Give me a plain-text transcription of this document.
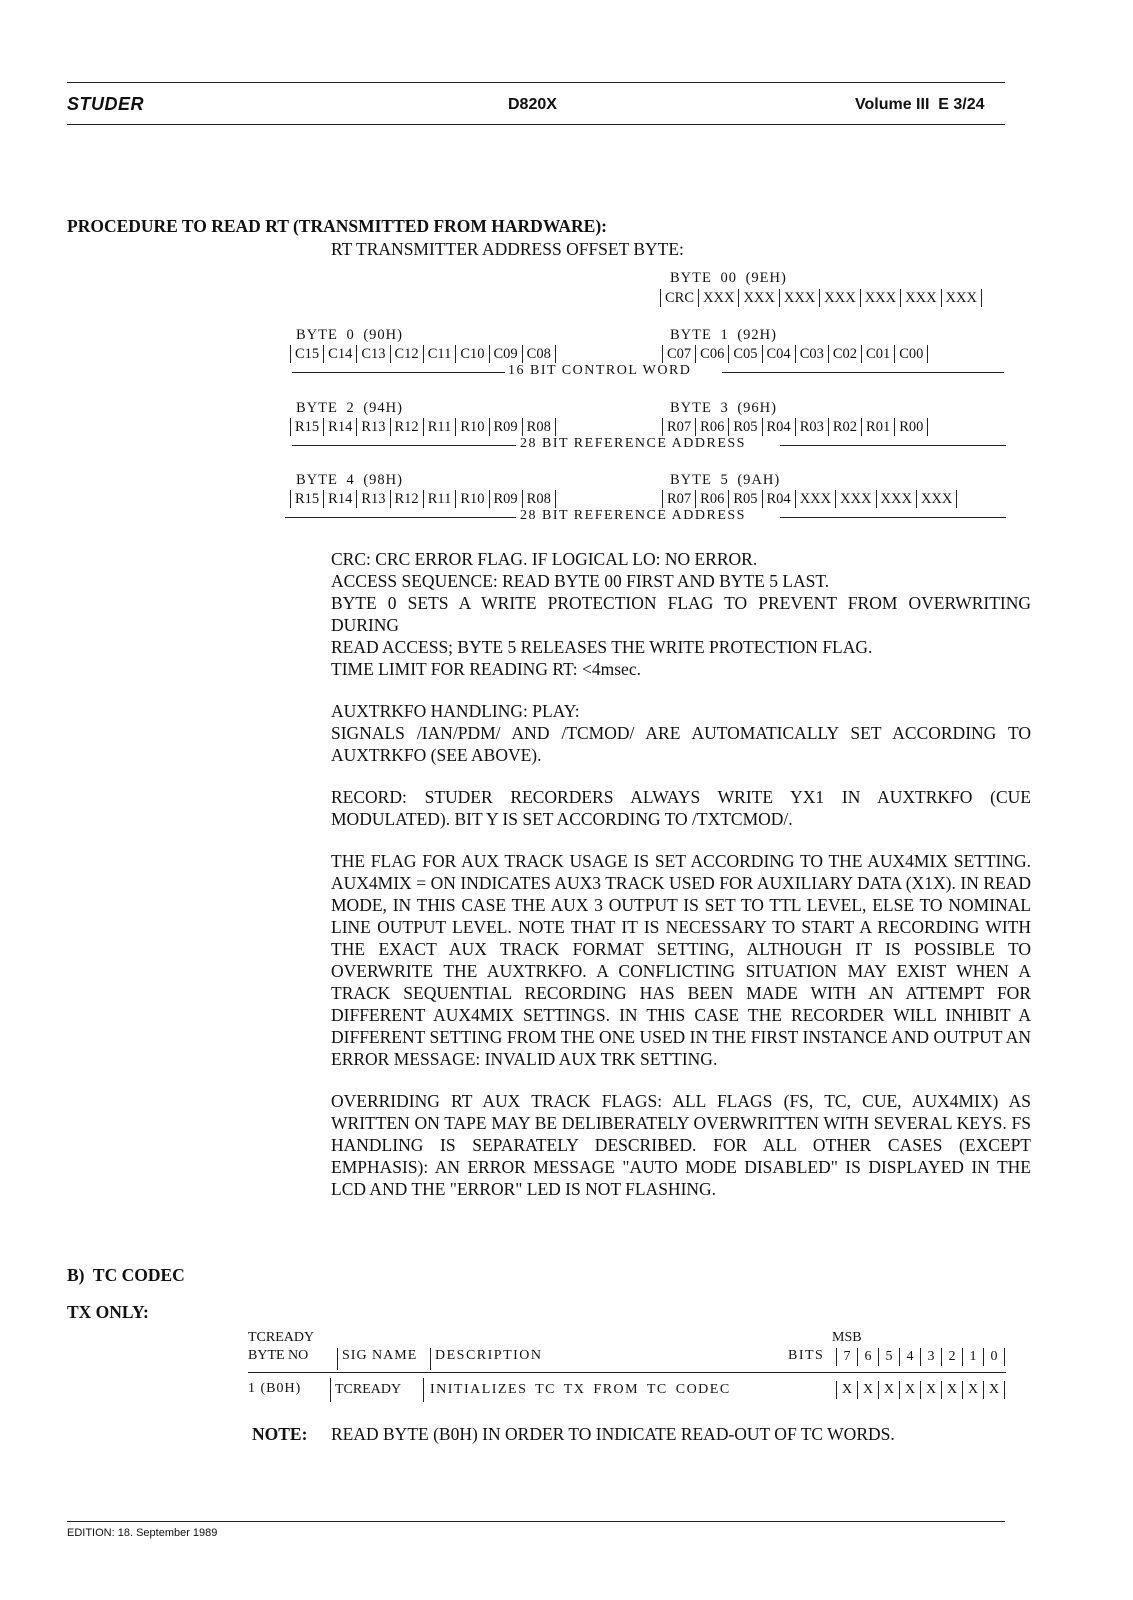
STUDER	D820X	Volume III E 3/24
PROCEDURE TO READ RT (TRANSMITTED FROM HARDWARE):
RT TRANSMITTER ADDRESS OFFSET BYTE:
BYTE 00 (9EH)
CRC XXX XXX XXX XXX XXX XXX XXX
BYTE 0 (90H)	BYTE 1 (92H)
C15 C14 C13 C12 C11 C10 C09 C08	C07 C06 C05 C04 C03 C02 C01 C00
16 BIT CONTROL WORD
BYTE 2 (94H)	BYTE 3 (96H)
R15 R14 R13 R12 R11 R10 R09 R08	R07 R06 R05 R04 R03 R02 R01 R00
28 BIT REFERENCE ADDRESS
BYTE 4 (98H)	BYTE 5 (9AH)
R15 R14 R13 R12 R11 R10 R09 R08	R07 R06 R05 R04 XXX XXX XXX XXX
28 BIT REFERENCE ADDRESS

CRC: CRC ERROR FLAG. IF LOGICAL LO: NO ERROR.
ACCESS SEQUENCE: READ BYTE 00 FIRST AND BYTE 5 LAST.
BYTE 0 SETS A WRITE PROTECTION FLAG TO PREVENT FROM OVERWRITING DURING
READ ACCESS; BYTE 5 RELEASES THE WRITE PROTECTION FLAG.
TIME LIMIT FOR READING RT: <4msec.

AUXTRKFO HANDLING: PLAY:
SIGNALS /IAN/PDM/ AND /TCMOD/ ARE AUTOMATICALLY SET ACCORDING TO AUXTRKFO (SEE ABOVE).

RECORD: STUDER RECORDERS ALWAYS WRITE YX1 IN AUXTRKFO (CUE MODULATED). BIT Y IS SET ACCORDING TO /TXTCMOD/.

THE FLAG FOR AUX TRACK USAGE IS SET ACCORDING TO THE AUX4MIX SETTING. AUX4MIX = ON INDICATES AUX3 TRACK USED FOR AUXILIARY DATA (X1X). IN READ MODE, IN THIS CASE THE AUX 3 OUTPUT IS SET TO TTL LEVEL, ELSE TO NOMINAL LINE OUTPUT LEVEL. NOTE THAT IT IS NECESSARY TO START A RECORDING WITH THE EXACT AUX TRACK FORMAT SETTING, ALTHOUGH IT IS POSSIBLE TO OVERWRITE THE AUXTRKFO. A CONFLICTING SITUATION MAY EXIST WHEN A TRACK SEQUENTIAL RECORDING HAS BEEN MADE WITH AN ATTEMPT FOR DIFFERENT AUX4MIX SETTINGS. IN THIS CASE THE RECORDER WILL INHIBIT A DIFFERENT SETTING FROM THE ONE USED IN THE FIRST INSTANCE AND OUTPUT AN ERROR MESSAGE: INVALID AUX TRK SETTING.

OVERRIDING RT AUX TRACK FLAGS: ALL FLAGS (FS, TC, CUE, AUX4MIX) AS WRITTEN ON TAPE MAY BE DELIBERATELY OVERWRITTEN WITH SEVERAL KEYS. FS HANDLING IS SEPARATELY DESCRIBED. FOR ALL OTHER CASES (EXCEPT EMPHASIS): AN ERROR MESSAGE "AUTO MODE DISABLED" IS DISPLAYED IN THE LCD AND THE "ERROR" LED IS NOT FLASHING.

B)  TC CODEC
TX ONLY:
TCREADY	MSB
BYTE NO	SIG NAME	DESCRIPTION	BITS	7	6	5	4	3	2	1	0
1 (B0H)	TCREADY	INITIALIZES TC TX FROM TC CODEC	X X X X X X X X
NOTE: READ BYTE (B0H) IN ORDER TO INDICATE READ-OUT OF TC WORDS.
EDITION: 18. September 1989
